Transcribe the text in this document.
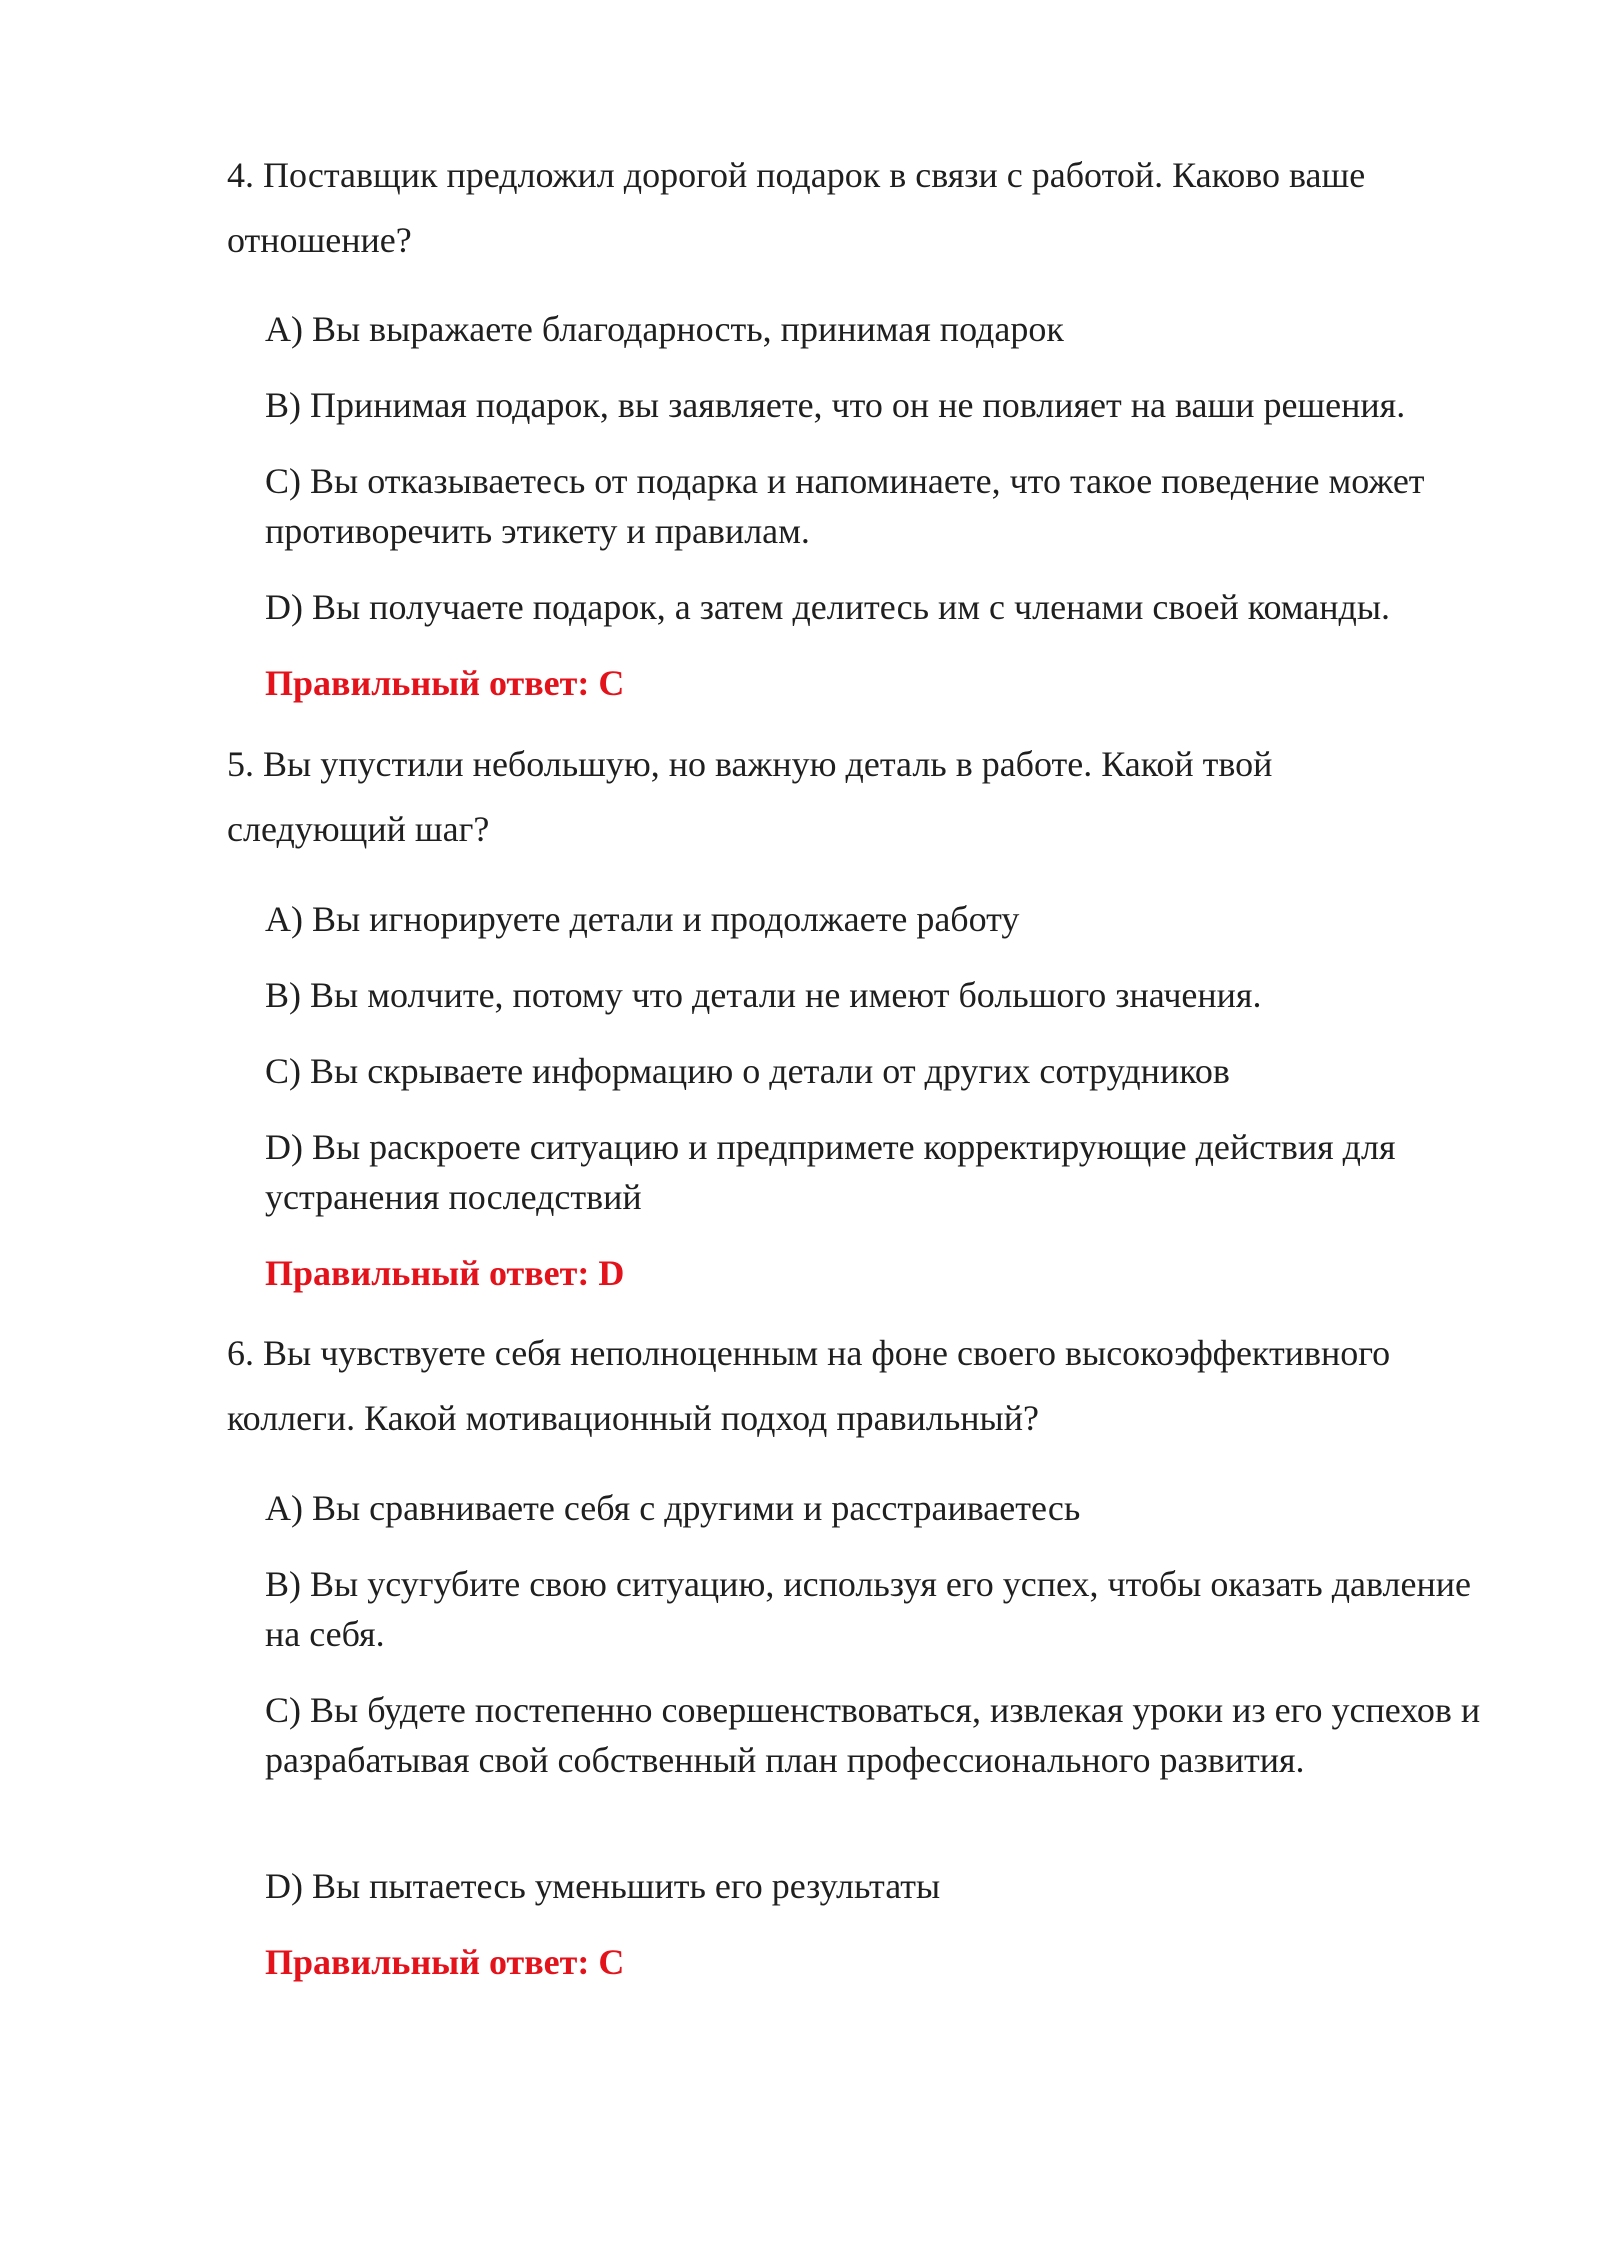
4. Поставщик предложил дорогой подарок в связи с работой. Каково ваше
отношение?

A) Вы выражаете благодарность, принимая подарок

B) Принимая подарок, вы заявляете, что он не повлияет на ваши решения.

C) Вы отказываетесь от подарка и напоминаете, что такое поведение может противоречить этикету и правилам.

D) Вы получаете подарок, а затем делитесь им с членами своей команды.

Правильный ответ: C

5. Вы упустили небольшую, но важную деталь в работе. Какой твой
следующий шаг?

A) Вы игнорируете детали и продолжаете работу

B) Вы молчите, потому что детали не имеют большого значения.

C) Вы скрываете информацию о детали от других сотрудников

D) Вы раскроете ситуацию и предпримете корректирующие действия для устранения последствий

Правильный ответ: D

6. Вы чувствуете себя неполноценным на фоне своего высокоэффективного
коллеги. Какой мотивационный подход правильный?

A) Вы сравниваете себя с другими и расстраиваетесь

B) Вы усугубите свою ситуацию, используя его успех, чтобы оказать давление на себя.

C) Вы будете постепенно совершенствоваться, извлекая уроки из его успехов и разрабатывая свой собственный план профессионального развития.

D) Вы пытаетесь уменьшить его результаты

Правильный ответ: C
